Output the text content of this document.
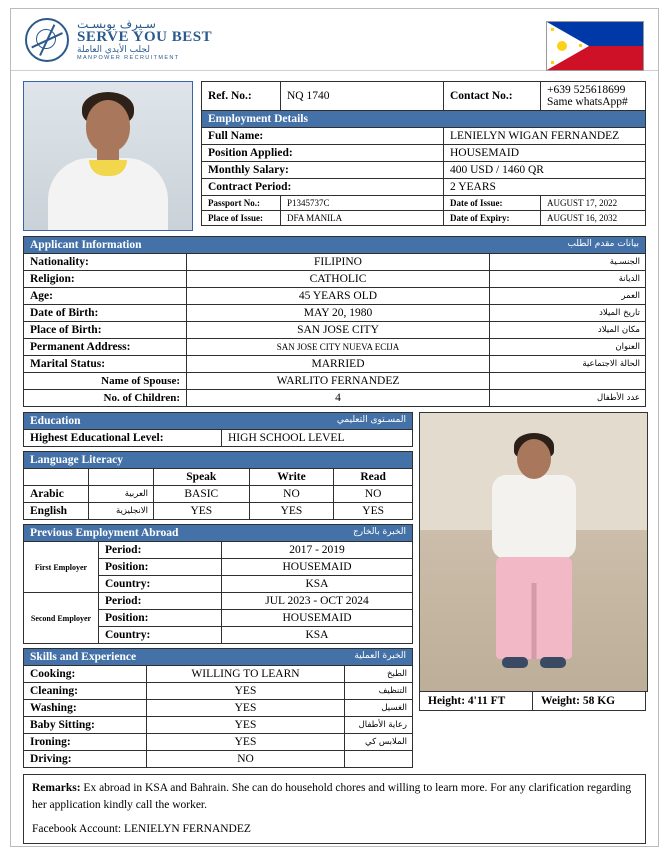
سـيرف يوبسـت
SERVE YOU BEST
لجلب الأيدي العاملة
MANPOWER RECRUITMENT
Ref. No.:	NQ 1740	Contact No.:	+639 525618699
Same whatsApp#

Employment Details			
Full Name:		LENIELYN WIGAN FERNANDEZ	
Position Applied:		HOUSEMAID	
Monthly Salary:		400 USD / 1460 QR	
Contract Period:		2 YEARS	
Passport No.:	P1345737C	Date of Issue:	AUGUST 17, 2022
Place of Issue:	DFA MANILA	Date of Expiry:	AUGUST 16, 2032
Applicant Information بيانات مقدم الطلب		

Nationality:	FILIPINO	الجنسـية
Religion:	CATHOLIC	الديانة
Age:	45 YEARS OLD	العمر
Date of Birth:	MAY 20, 1980	تاريخ الميلاد
Place of Birth:	SAN JOSE CITY	مكان الميلاد
Permanent Address:	SAN JOSE CITY NUEVA ECIJA	العنوان
Marital Status:	MARRIED	الحالة الاجتماعية
Name of Spouse:	WARLITO FERNANDEZ	
No. of Children:	4	عدد الأطفال
Education	المسـتوى التعليمي

Highest Educational Level:	HIGH SCHOOL LEVEL
Language Literacy				
		Speak	Write	Read
Arabic	العربية	BASIC	NO	NO
English	الانجليزية	YES	YES	YES
Previous Employment Abroad الخبرة بالخارج		

First Employer	Period:	2017 - 2019
	Position:	HOUSEMAID
	Country:	KSA
Second Employer	Period:	JUL 2023 - OCT 2024
	Position:	HOUSEMAID
	Country:	KSA
Skills and Experience الخبرة العملية		

Cooking:	WILLING TO LEARN	الطبخ
Cleaning:	YES	التنظيف
Washing:	YES	الغسيل
Baby Sitting:	YES	رعاية الأطفال
Ironing:	YES	الملابس كي
Driving:	NO	
Height: 4'11 FT	Weight: 58 KG
Remarks: Ex abroad in KSA and Bahrain. She can do household chores and willing to learn more. For any clarification regarding her application kindly call the worker.
Facebook Account: LENIELYN FERNANDEZ
